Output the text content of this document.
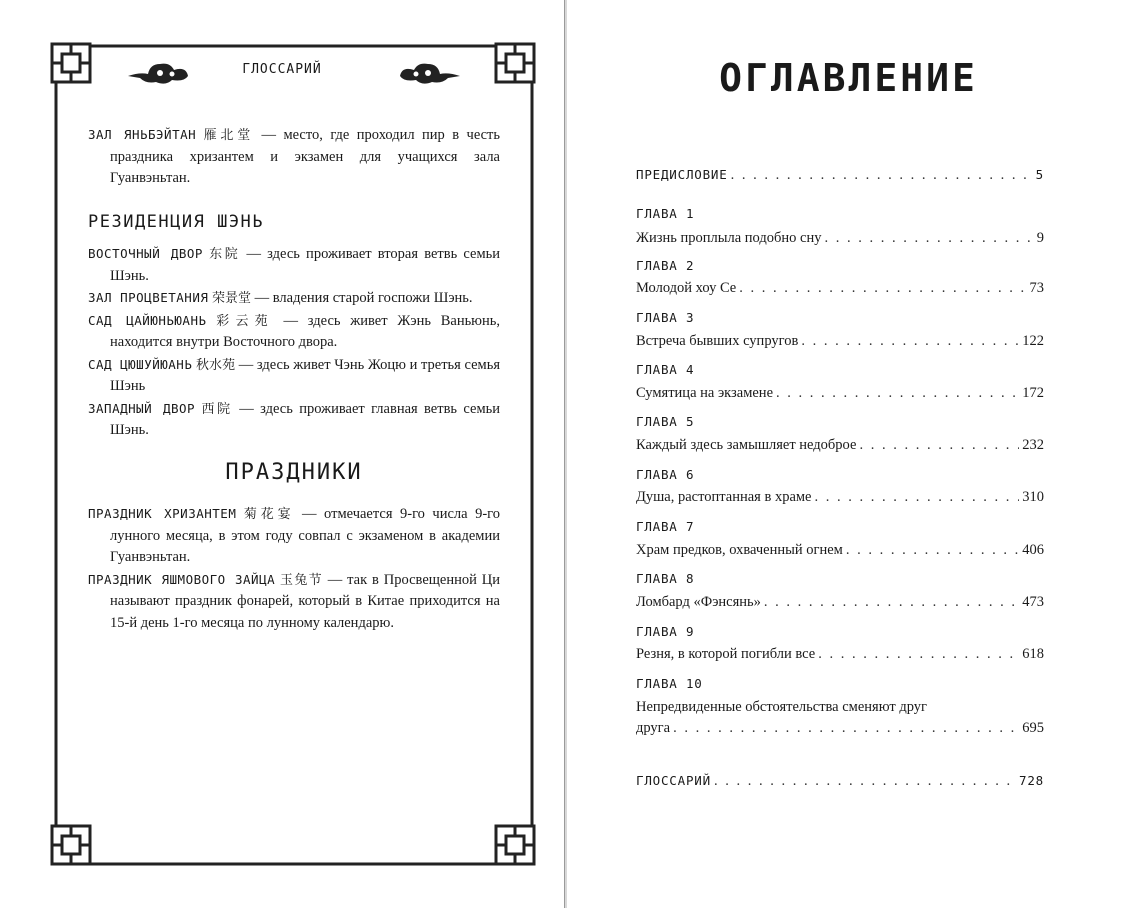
ГЛОССАРИЙ

ЗАЛ ЯНЬБЭЙТАН 雁北堂 — место, где проходил пир в честь праздника хризантем и экзамен для учащихся зала Гуанвэньтан.

РЕЗИДЕНЦИЯ ШЭНЬ

ВОСТОЧНЫЙ ДВОР 东院 — здесь проживает вторая ветвь семьи Шэнь.

ЗАЛ ПРОЦВЕТАНИЯ 荣景堂 — владения старой госпожи Шэнь.

САД ЦАЙЮНЬЮАНЬ 彩云苑 — здесь живет Жэнь Ваньюнь, находится внутри Восточного двора.

САД ЦЮШУЙЮАНЬ 秋水苑 — здесь живет Чэнь Жоцю и третья семья Шэнь

ЗАПАДНЫЙ ДВОР 西院 — здесь проживает главная ветвь семьи Шэнь.

ПРАЗДНИКИ

ПРАЗДНИК ХРИЗАНТЕМ 菊花宴 — отмечается 9-го числа 9-го лунного месяца, в этом году совпал с экзаменом в академии Гуанвэньтан.

ПРАЗДНИК ЯШМОВОГО ЗАЙЦА 玉兔节 — так в Просвещенной Ци называют праздник фонарей, который в Китае приходится на 15-й день 1-го месяца по лунному календарю.

ОГЛАВЛЕНИЕ
ПРЕДИСЛОВИЕ . . .	5
ГЛАВА 1
Жизнь проплыла подобно сну . . .	9
ГЛАВА 2
Молодой хоу Се . . .	73
ГЛАВА 3
Встреча бывших супругов . . .	122
ГЛАВА 4
Сумятица на экзамене . . .	172
ГЛАВА 5
Каждый здесь замышляет недоброе . . .	232
ГЛАВА 6
Душа, растоптанная в храме . . .	310
ГЛАВА 7
Храм предков, охваченный огнем . . .	406
ГЛАВА 8
Ломбард «Фэнсянь» . . .	473
ГЛАВА 9
Резня, в которой погибли все . . .	618
ГЛАВА 10
Непредвиденные обстоятельства сменяют друг
друга . . .	695
ГЛОССАРИЙ . . .	728
